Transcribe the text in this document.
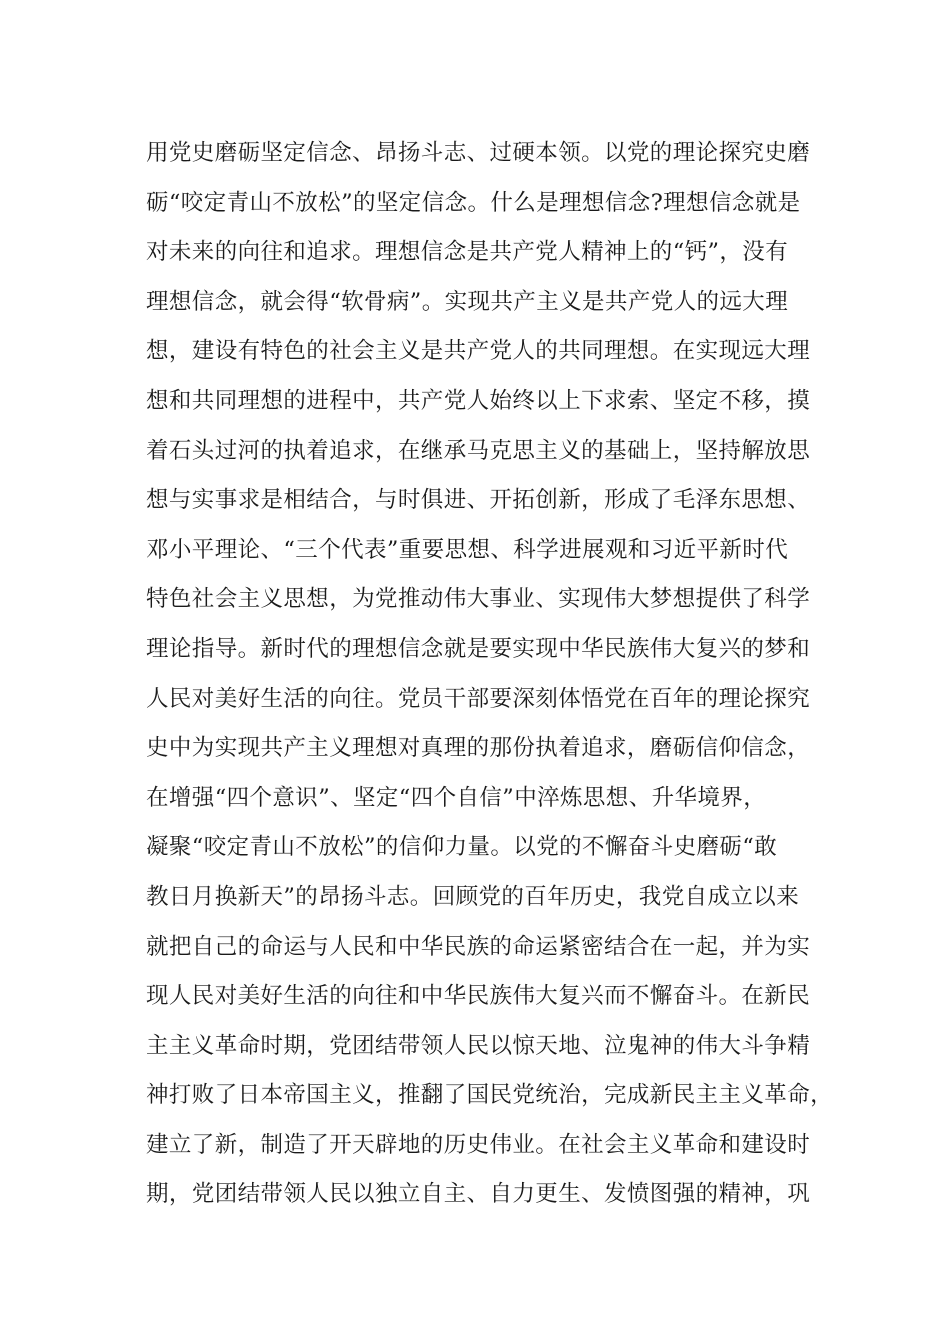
用党史磨砺坚定信念、昂扬斗志、过硬本领。以党的理论探究史磨
砺“咬定青山不放松”的坚定信念。什么是理想信念?理想信念就是
对未来的向往和追求。理想信念是共产党人精神上的“钙”，没有
理想信念，就会得“软骨病”。实现共产主义是共产党人的远大理
想，建设有特色的社会主义是共产党人的共同理想。在实现远大理
想和共同理想的进程中，共产党人始终以上下求索、坚定不移，摸
着石头过河的执着追求，在继承马克思主义的基础上，坚持解放思
想与实事求是相结合，与时俱进、开拓创新，形成了毛泽东思想、
邓小平理论、“三个代表”重要思想、科学进展观和习近平新时代
特色社会主义思想，为党推动伟大事业、实现伟大梦想提供了科学
理论指导。新时代的理想信念就是要实现中华民族伟大复兴的梦和
人民对美好生活的向往。党员干部要深刻体悟党在百年的理论探究
史中为实现共产主义理想对真理的那份执着追求，磨砺信仰信念，
在增强“四个意识”、坚定“四个自信”中淬炼思想、升华境界，
凝聚“咬定青山不放松”的信仰力量。以党的不懈奋斗史磨砺“敢
教日月换新天”的昂扬斗志。回顾党的百年历史，我党自成立以来
就把自己的命运与人民和中华民族的命运紧密结合在一起，并为实
现人民对美好生活的向往和中华民族伟大复兴而不懈奋斗。在新民
主主义革命时期，党团结带领人民以惊天地、泣鬼神的伟大斗争精
神打败了日本帝国主义，推翻了国民党统治，完成新民主主义革命，
建立了新，制造了开天辟地的历史伟业。在社会主义革命和建设时
期，党团结带领人民以独立自主、自力更生、发愤图强的精神，巩
